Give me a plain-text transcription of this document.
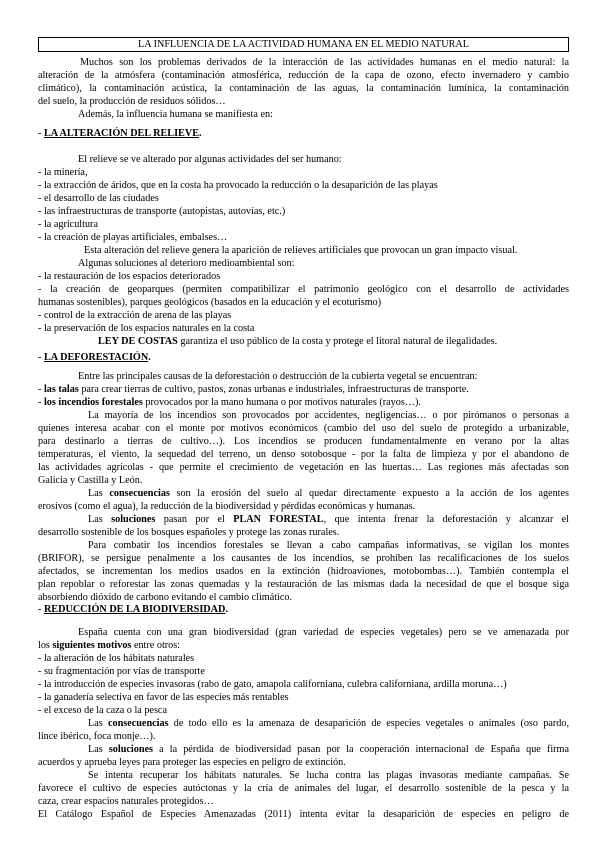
LA INFLUENCIA DE LA ACTIVIDAD HUMANA EN EL MEDIO NATURAL
Muchos son los problemas derivados de la interacción de las actividades humanas en el medio natural: la
alteración de la atmósfera (contaminación atmosférica, reducción de la capa de ozono, efecto invernadero y cambio
climático), la contaminación acústica, la contaminación de las aguas, la contaminación lumínica, la contaminación
del suelo, la producción de residuos sólidos…
Además, la influencia humana se manifiesta en:
- LA ALTERACIÓN DEL RELIEVE.
El relieve se ve alterado por algunas actividades del ser humano:
- la minería,
- la extracción de áridos, que en la costa ha provocado la reducción o la desaparición de las playas
- el desarrollo de las ciudades
- las infraestructuras de transporte (autopistas, autovías, etc.)
- la agricultura
- la creación de playas artificiales, embalses…
Esta alteración del relieve genera la aparición de relieves artificiales que provocan un gran impacto visual.
Algunas soluciones al deterioro medioambiental son:
- la restauración de los espacios deteriorados
- la creación de geoparques (permiten compatibilizar el patrimonio geológico con el desarrollo de actividades
humanas sostenibles), parques geológicos (basados en la educación y el ecoturismo)
- control de la extracción de arena de las playas
- la preservación de los espacios naturales en la costa
LEY DE COSTAS garantiza el uso público de la costa y protege el litoral natural de ilegalidades.
- LA DEFORESTACIÓN.
Entre las principales causas de la deforestación o destrucción de la cubierta vegetal se encuentran:
- las talas para crear tierras de cultivo, pastos, zonas urbanas e industriales, infraestructuras de transporte.
- los incendios forestales provocados por la mano humana o por motivos naturales (rayos…).
La mayoría de los incendios son provocados por accidentes, negligencias… o por pirómanos o personas a
quienes interesa acabar con el monte por motivos económicos (cambio del uso del suelo de protegido a urbanizable,
para destinarlo a tierras de cultivo…). Los incendios se producen fundamentalmente en verano por la altas
temperaturas, el viento, la sequedad del terreno, un denso sotobosque - por la falta de limpieza y por el abandono de
las actividades agrícolas - que permite el crecimiento de vegetación en las huertas… Las regiones más afectadas son
Galicia y Castilla y León.
Las consecuencias son la erosión del suelo al quedar directamente expuesto a la acción de los agentes
erosivos (como el agua), la reducción de la biodiversidad y pérdidas económicas y humanas.
Las soluciones pasan por el PLAN FORESTAL, que intenta frenar la deforestación y alcanzar el
desarrollo sostenible de los bosques españoles y protege las zonas rurales.
Para combatir los incendios forestales se llevan a cabo campañas informativas, se vigilan los montes
(BRIFOR), se persigue penalmente a los causantes de los incendios, se prohíben las recalificaciones de los suelos
afectados, se incrementan los medios usados en la extinción (hidroaviones, motobombas…). También contempla el
plan repoblar o reforestar las zonas quemadas y la restauración de las mismas dada la necesidad de que el bosque siga
absorbiendo dióxido de carbono evitando el cambio climático.
- REDUCCIÓN DE LA BIODIVERSIDAD.
España cuenta con una gran biodiversidad (gran variedad de especies vegetales) pero se ve amenazada por
los siguientes motivos entre otros:
- la alteración de los hábitats naturales
- su fragmentación por vías de transporte
- la introducción de especies invasoras (rabo de gato, amapola californiana, culebra californiana, ardilla moruna…)
- la ganadería selectiva en favor de las especies más rentables
- el exceso de la caza o la pesca
Las consecuencias de todo ello es la amenaza de desaparición de especies vegetales o animales (oso pardo,
lince ibérico, foca monje…).
Las soluciones a la pérdida de biodiversidad pasan por la cooperación internacional de España que firma
acuerdos y aprueba leyes para proteger las especies en peligro de extinción.
Se intenta recuperar los hábitats naturales. Se lucha contra las plagas invasoras mediante campañas. Se
favorece el cultivo de especies autóctonas y la cría de animales del lugar, el desarrollo sostenible de la pesca y la
caza, crear espacios naturales protegidos…
El Catálogo Español de Especies Amenazadas (2011) intenta evitar la desaparición de especies en peligro de
